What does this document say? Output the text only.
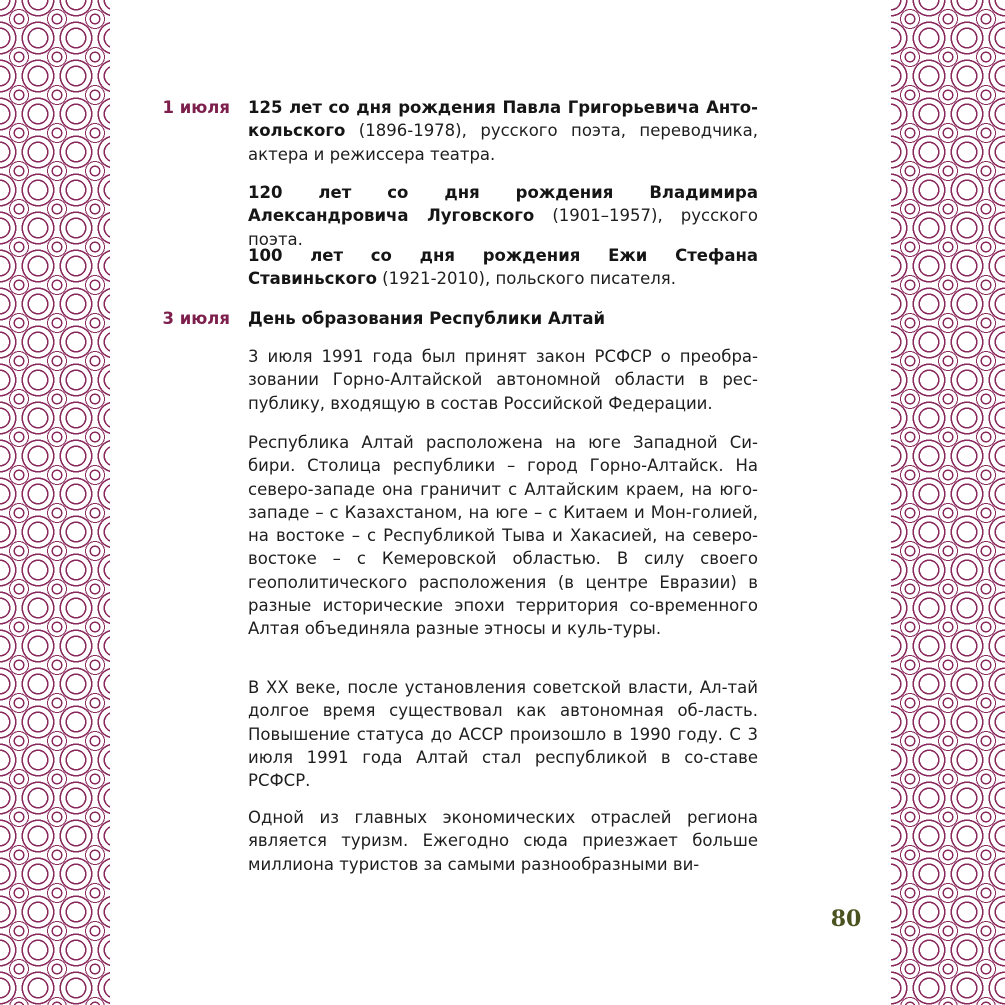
1 июля 125 лет со дня рождения Павла Григорьевича Анто-кольского (1896-1978), русского поэта, переводчика, актера и режиссера театра.
120 лет со дня рождения Владимира Александровича Луговского (1901–1957), русского поэта.
100 лет со дня рождения Ежи Стефана Ставиньского (1921-2010), польского писателя.
3 июля День образования Республики Алтай
3 июля 1991 года был принят закон РСФСР о преобра-зовании Горно-Алтайской автономной области в рес-публику, входящую в состав Российской Федерации.
Республика Алтай расположена на юге Западной Си-бири. Столица республики – город Горно-Алтайск. На северо-западе она граничит с Алтайским краем, на юго-западе – с Казахстаном, на юге – с Китаем и Мон-голией, на востоке – с Республикой Тыва и Хакасией, на северо-востоке – с Кемеровской областью. В силу своего геополитического расположения (в центре Евразии) в разные исторические эпохи территория со-временного Алтая объединяла разные этносы и куль-туры.
В XX веке, после установления советской власти, Ал-тай долгое время существовал как автономная об-ласть. Повышение статуса до АССР произошло в 1990 году. С 3 июля 1991 года Алтай стал республикой в со-ставе РСФСР.
Одной из главных экономических отраслей региона является туризм. Ежегодно сюда приезжает больше миллиона туристов за самыми разнообразными ви-
80
